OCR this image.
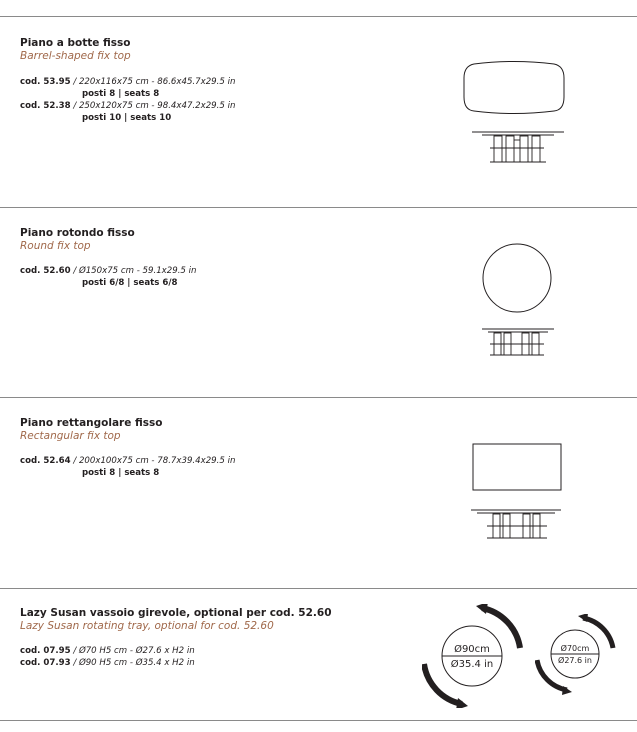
Piano a botte fisso
Barrel-shaped fix top
cod. 53.95 / 220x116x75 cm - 86.6x45.7x29.5 in
posti 8 | seats 8
cod. 52.38 / 250x120x75 cm - 98.4x47.2x29.5 in
posti 10 | seats 10
Piano rotondo fisso
Round fix top
cod. 52.60 / Ø150x75 cm - 59.1x29.5 in
posti 6/8 | seats 6/8
Piano rettangolare fisso
Rectangular fix top
cod. 52.64 / 200x100x75 cm - 78.7x39.4x29.5 in
posti 8 | seats 8
Lazy Susan vassoio girevole, optional per cod. 52.60
Lazy Susan rotating tray, optional for cod. 52.60
cod. 07.95 / Ø70 H5 cm - Ø27.6 x H2 in
cod. 07.93 / Ø90 H5 cm - Ø35.4 x H2 in
Ø90cm
Ø35.4 in
Ø70cm
Ø27.6 in
